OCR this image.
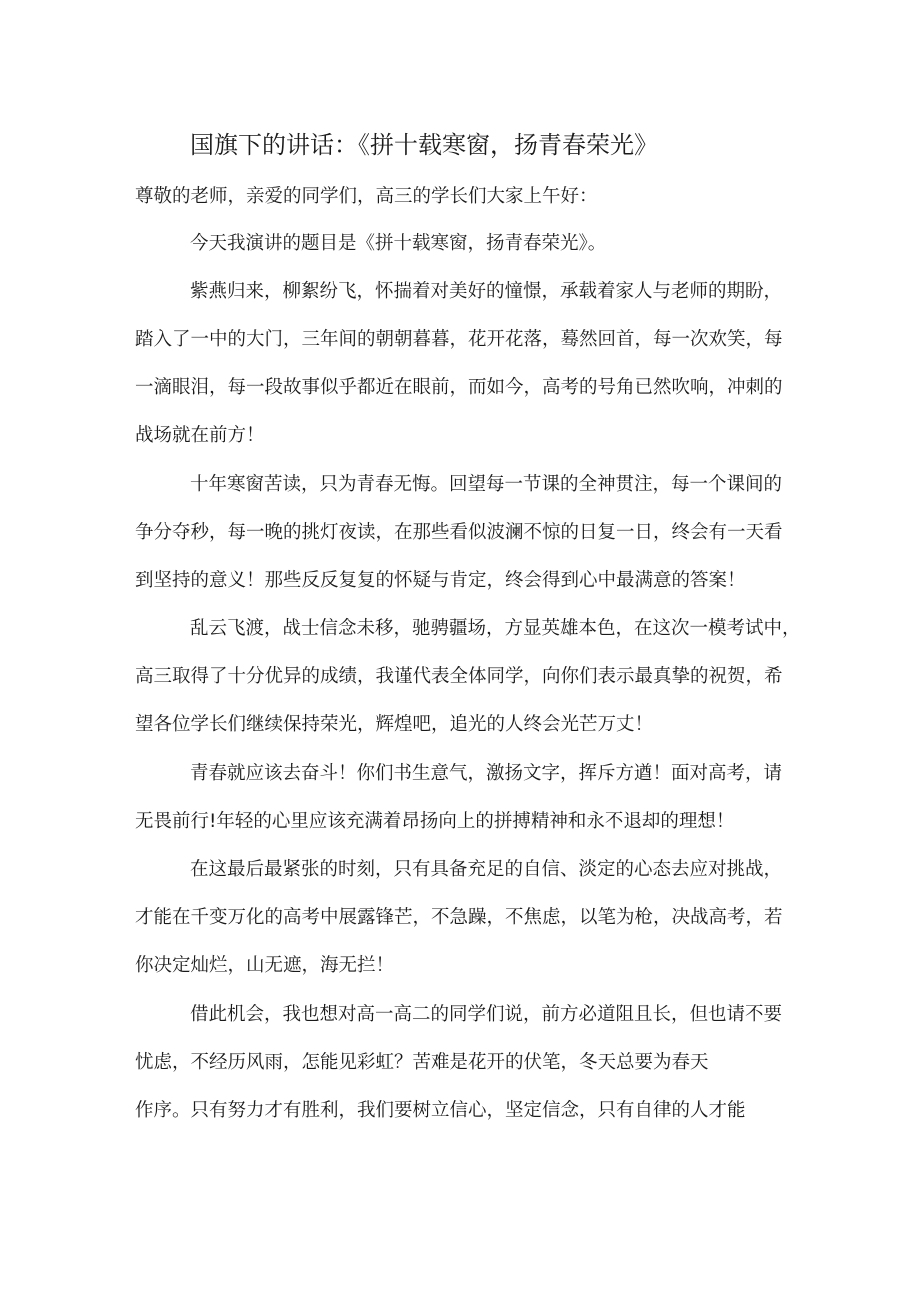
国旗下的讲话：《拼十载寒窗，扬青春荣光》
尊敬的老师，亲爱的同学们，高三的学长们大家上午好：
今天我演讲的题目是《拼十载寒窗，扬青春荣光》。
紫燕归来，柳絮纷飞，怀揣着对美好的憧憬，承载着家人与老师的期盼，
踏入了一中的大门，三年间的朝朝暮暮，花开花落，蓦然回首，每一次欢笑，每
一滴眼泪，每一段故事似乎都近在眼前，而如今，高考的号角已然吹响，冲刺的
战场就在前方！
十年寒窗苦读，只为青春无悔。回望每一节课的全神贯注，每一个课间的
争分夺秒，每一晚的挑灯夜读，在那些看似波澜不惊的日复一日，终会有一天看
到坚持的意义！那些反反复复的怀疑与肯定，终会得到心中最满意的答案！
乱云飞渡，战士信念未移，驰骋疆场，方显英雄本色，在这次一模考试中，
高三取得了十分优异的成绩，我谨代表全体同学，向你们表示最真挚的祝贺，希
望各位学长们继续保持荣光，辉煌吧，追光的人终会光芒万丈！
青春就应该去奋斗！你们书生意气，激扬文字，挥斥方遒！面对高考，请
无畏前行!年轻的心里应该充满着昂扬向上的拼搏精神和永不退却的理想！
在这最后最紧张的时刻，只有具备充足的自信、淡定的心态去应对挑战，
才能在千变万化的高考中展露锋芒，不急躁，不焦虑，以笔为枪，决战高考，若
你决定灿烂，山无遮，海无拦！
借此机会，我也想对高一高二的同学们说，前方必道阻且长，但也请不要
忧虑，不经历风雨，怎能见彩虹？苦难是花开的伏笔，冬天总要为春天
作序。只有努力才有胜利，我们要树立信心，坚定信念，只有自律的人才能
